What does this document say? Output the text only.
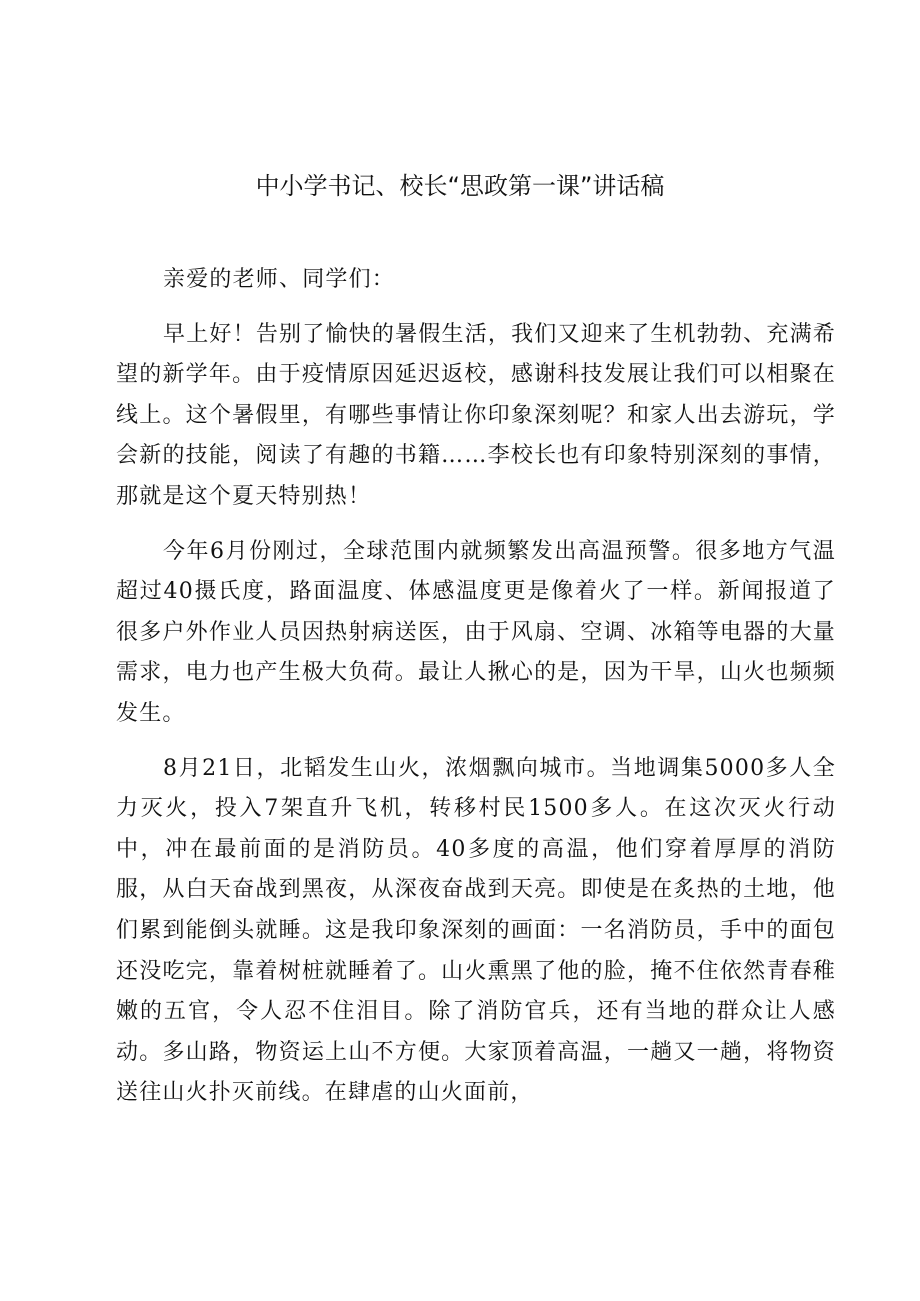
中小学书记、校长“思政第一课”讲话稿

亲爱的老师、同学们：

早上好！告别了愉快的暑假生活，我们又迎来了生机勃勃、充满希望的新学年。由于疫情原因延迟返校，感谢科技发展让我们可以相聚在线上。这个暑假里，有哪些事情让你印象深刻呢？和家人出去游玩，学会新的技能，阅读了有趣的书籍……李校长也有印象特别深刻的事情，那就是这个夏天特别热！

今年6月份刚过，全球范围内就频繁发出高温预警。很多地方气温超过40摄氏度，路面温度、体感温度更是像着火了一样。新闻报道了很多户外作业人员因热射病送医，由于风扇、空调、冰箱等电器的大量需求，电力也产生极大负荷。最让人揪心的是，因为干旱，山火也频频发生。

8月21日，北韬发生山火，浓烟飘向城市。当地调集5000多人全力灭火，投入7架直升飞机，转移村民1500多人。在这次灭火行动中，冲在最前面的是消防员。40多度的高温，他们穿着厚厚的消防服，从白天奋战到黑夜，从深夜奋战到天亮。即使是在炙热的土地，他们累到能倒头就睡。这是我印象深刻的画面：一名消防员，手中的面包还没吃完，靠着树桩就睡着了。山火熏黑了他的脸，掩不住依然青春稚嫩的五官，令人忍不住泪目。除了消防官兵，还有当地的群众让人感动。多山路，物资运上山不方便。大家顶着高温，一趟又一趟，将物资送往山火扑灭前线。在肆虐的山火面前，
